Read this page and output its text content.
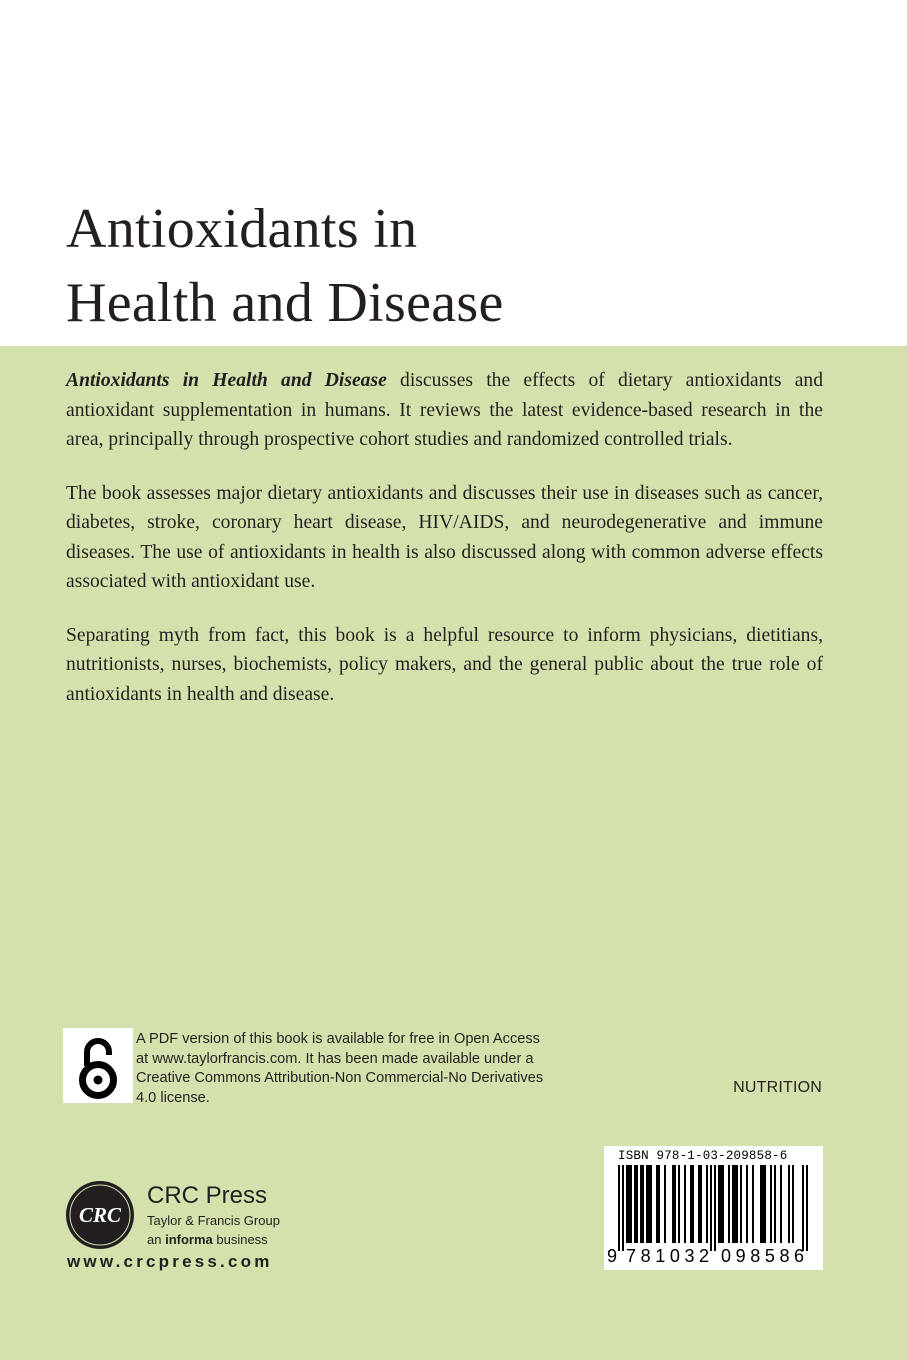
Antioxidants in
Health and Disease

Antioxidants in Health and Disease discusses the effects of dietary antioxidants and antioxidant supplementation in humans. It reviews the latest evidence-based research in the area, principally through prospective cohort studies and randomized controlled trials.

The book assesses major dietary antioxidants and discusses their use in diseases such as cancer, diabetes, stroke, coronary heart disease, HIV/AIDS, and neurodegenerative and immune diseases. The use of antioxidants in health is also discussed along with common adverse effects associated with antioxidant use.

Separating myth from fact, this book is a helpful resource to inform physicians, dietitians, nutritionists, nurses, biochemists, policy makers, and the general public about the true role of antioxidants in health and disease.

A PDF version of this book is available for free in Open Access at www.taylorfrancis.com. It has been made available under a Creative Commons Attribution-Non Commercial-No Derivatives 4.0 license.
NUTRITION
CRC
CRC Press
Taylor & Francis Group
an informa business
www.crcpress.com
ISBN 978-1-03-209858-6
9 781032 098586
